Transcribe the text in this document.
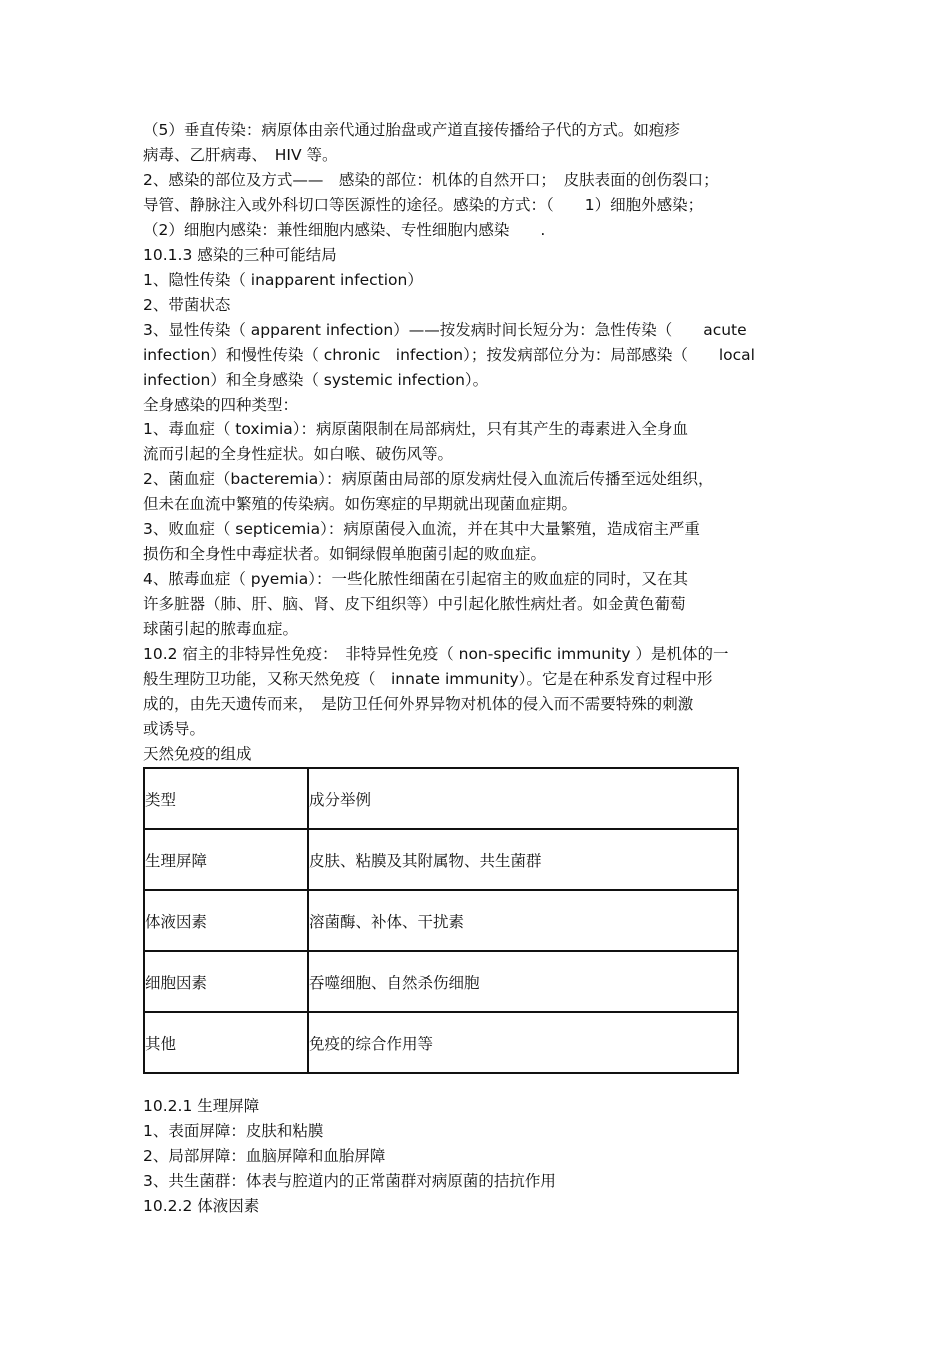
（5）垂直传染：病原体由亲代通过胎盘或产道直接传播给子代的方式。如疱疹
病毒、乙肝病毒、　HIV 等。
2、感染的部位及方式——　感染的部位：机体的自然开口；　皮肤表面的创伤裂口；
导管、静脉注入或外科切口等医源性的途径。感染的方式：（　　1）细胞外感染；
（2）细胞内感染：兼性细胞内感染、专性细胞内感染　　.
10.1.3 感染的三种可能结局
1、隐性传染（ inapparent infection）
2、带菌状态
3、显性传染（ apparent infection）——按发病时间长短分为：急性传染（　　acute
infection）和慢性传染（ chronic　infection）；按发病部位分为：局部感染（　　local
infection）和全身感染（ systemic infection）。
全身感染的四种类型：
1、毒血症（ toximia）：病原菌限制在局部病灶，只有其产生的毒素进入全身血
流而引起的全身性症状。如白喉、破伤风等。
2、菌血症（bacteremia）：病原菌由局部的原发病灶侵入血流后传播至远处组织，
但未在血流中繁殖的传染病。如伤寒症的早期就出现菌血症期。
3、败血症（ septicemia）：病原菌侵入血流，并在其中大量繁殖，造成宿主严重
损伤和全身性中毒症状者。如铜绿假单胞菌引起的败血症。
4、脓毒血症（ pyemia）：一些化脓性细菌在引起宿主的败血症的同时，又在其
许多脏器（肺、肝、脑、肾、皮下组织等）中引起化脓性病灶者。如金黄色葡萄
球菌引起的脓毒血症。
10.2 宿主的非特异性免疫：　非特异性免疫（ non-specific immunity ）是机体的一
般生理防卫功能，又称天然免疫（　innate immunity）。它是在种系发育过程中形
成的，由先天遗传而来，　是防卫任何外界异物对机体的侵入而不需要特殊的刺激
或诱导。
天然免疫的组成
类型	成分举例
生理屏障	皮肤、粘膜及其附属物、共生菌群
体液因素	溶菌酶、补体、干扰素
细胞因素	吞噬细胞、自然杀伤细胞
其他	免疫的综合作用等
10.2.1 生理屏障
1、表面屏障：皮肤和粘膜
2、局部屏障：血脑屏障和血胎屏障
3、共生菌群：体表与腔道内的正常菌群对病原菌的拮抗作用
10.2.2 体液因素
